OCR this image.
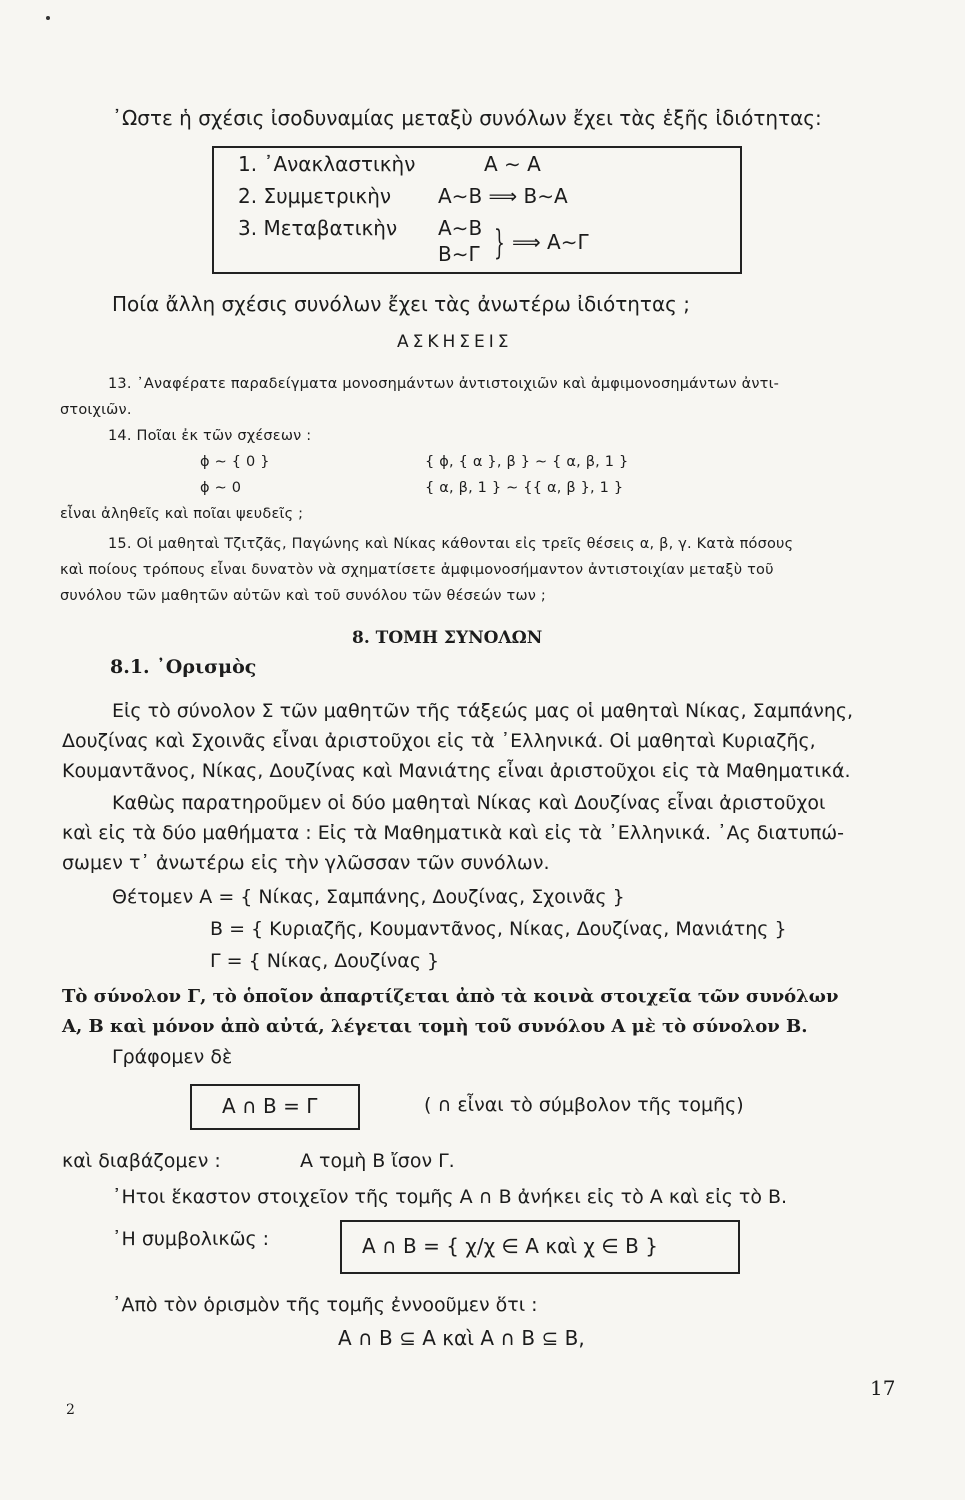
᾿Ωστε ἡ σχέσις ἰσοδυναμίας μεταξὺ συνόλων ἔχει τὰς ἑξῆς ἰδιότητας:
1. ᾿Ανακλαστικὴν	A ∼ A
2. Συμμετρικὴν A∼B ⟹ B∼A
3. Μεταβατικὴν A∼B
B∼Γ } ⟹ A∼Γ
Ποία ἄλλη σχέσις συνόλων ἔχει τὰς ἀνωτέρω ἰδιότητας ;
ΑΣΚΗΣΕΙΣ
13. ᾿Αναφέρατε παραδείγματα μονοσημάντων ἀντιστοιχιῶν καὶ ἀμφιμονοσημάντων ἀντι-
στοιχιῶν.
14. Ποῖαι ἐκ τῶν σχέσεων :
ϕ ∼ { 0 }	{ ϕ, { α }, β } ∼ { α, β, 1 }
ϕ ∼ 0	{ α, β, 1 } ∼ {{ α, β }, 1 }
εἶναι ἀληθεῖς καὶ ποῖαι ψευδεῖς ;
15. Οἱ μαθηταὶ Τζιτζᾶς, Παγώνης καὶ Νίκας κάθονται εἰς τρεῖς θέσεις α, β, γ. Κατὰ πόσους
καὶ ποίους τρόπους εἶναι δυνατὸν νὰ σχηματίσετε ἀμφιμονοσήμαντον ἀντιστοιχίαν μεταξὺ τοῦ
συνόλου τῶν μαθητῶν αὐτῶν καὶ τοῦ συνόλου τῶν θέσεών των ;
8. ΤΟΜΗ ΣΥΝΟΛΩΝ
8.1. ᾿Ορισμὸς
Εἰς τὸ σύνολον Σ τῶν μαθητῶν τῆς τάξεώς μας οἱ μαθηταὶ Νίκας, Σαμπάνης,
Δουζίνας καὶ Σχοινᾶς εἶναι ἀριστοῦχοι εἰς τὰ ᾿Ελληνικά. Οἱ μαθηταὶ Κυριαζῆς,
Κουμαντᾶνος, Νίκας, Δουζίνας καὶ Μανιάτης εἶναι ἀριστοῦχοι εἰς τὰ Μαθηματικά.
Καθὼς παρατηροῦμεν οἱ δύο μαθηταὶ Νίκας καὶ Δουζίνας εἶναι ἀριστοῦχοι
καὶ εἰς τὰ δύο μαθήματα : Εἰς τὰ Μαθηματικὰ καὶ εἰς τὰ ᾿Ελληνικά. ᾽Ας διατυπώ-
σωμεν τ᾿ ἀνωτέρω εἰς τὴν γλῶσσαν τῶν συνόλων.
Θέτομεν A = { Νίκας, Σαμπάνης, Δουζίνας, Σχοινᾶς }
B = { Κυριαζῆς, Κουμαντᾶνος, Νίκας, Δουζίνας, Μανιάτης }
Γ = { Νίκας, Δουζίνας }
Τὸ σύνολον Γ, τὸ ὁποῖον ἀπαρτίζεται ἀπὸ τὰ κοινὰ στοιχεῖα τῶν συνόλων
A, B καὶ μόνον ἀπὸ αὐτά, λέγεται τομὴ τοῦ συνόλου A μὲ τὸ σύνολον B.
Γράφομεν δὲ
A ∩ B = Γ	( ∩ εἶναι τὸ σύμβολον τῆς τομῆς)
καὶ διαβάζομεν :	A τομὴ B ἴσον Γ.
᾽Ητοι ἕκαστον στοιχεῖον τῆς τομῆς A ∩ B ἀνήκει εἰς τὸ A καὶ εἰς τὸ B.
᾽Η συμβολικῶς :	A ∩ B = { χ/χ ∈ A καὶ χ ∈ B }
᾿Απὸ τὸν ὁρισμὸν τῆς τομῆς ἐννοοῦμεν ὅτι :
A ∩ B ⊆ A καὶ A ∩ B ⊆ B,
17
2
